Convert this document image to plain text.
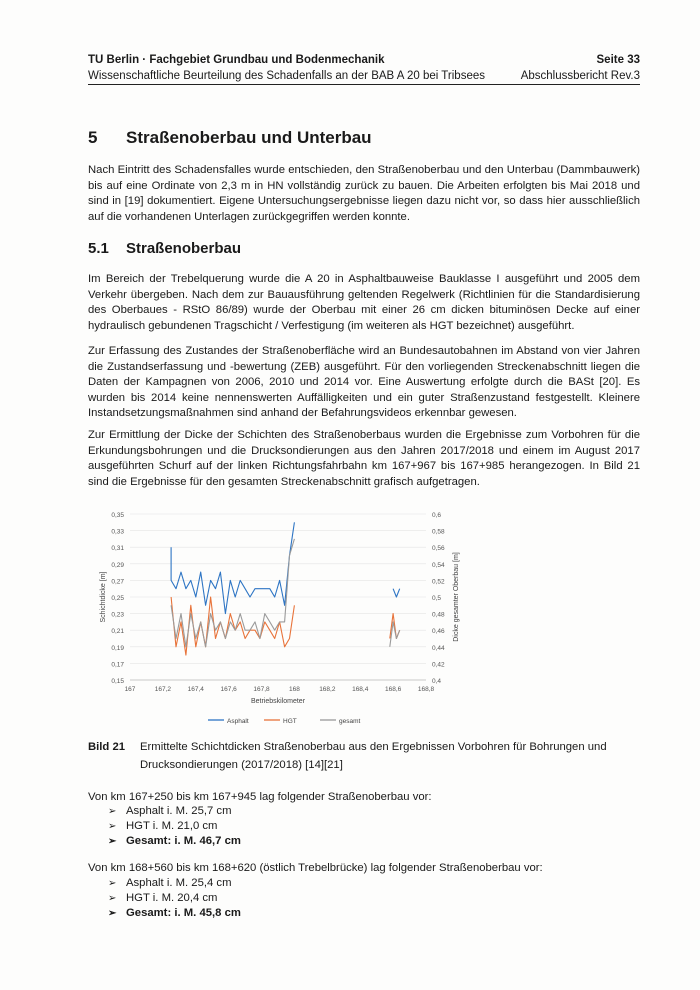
TU Berlin · Fachgebiet Grundbau und Bodenmechanik	Seite 33
Wissenschaftliche Beurteilung des Schadenfalls an der BAB A 20 bei Tribsees	Abschlussbericht Rev.3
5 Straßenoberbau und Unterbau

Nach Eintritt des Schadensfalles wurde entschieden, den Straßenoberbau und den Unterbau (Dammbauwerk) bis auf eine Ordinate von 2,3 m in HN vollständig zurück zu bauen. Die Arbeiten erfolgten bis Mai 2018 und sind in [19] dokumentiert. Eigene Untersuchungsergebnisse liegen dazu nicht vor, so dass hier ausschließlich auf die vorhandenen Unterlagen zurückgegriffen werden konnte.

5.1 Straßenoberbau

Im Bereich der Trebelquerung wurde die A 20 in Asphaltbauweise Bauklasse I ausgeführt und 2005 dem Verkehr übergeben. Nach dem zur Bauausführung geltenden Regelwerk (Richtlinien für die Standardisierung des Oberbaues - RStO 86/89) wurde der Oberbau mit einer 26 cm dicken bituminösen Decke auf einer hydraulisch gebundenen Tragschicht / Verfestigung (im weiteren als HGT bezeichnet) ausgeführt.

Zur Erfassung des Zustandes der Straßenoberfläche wird an Bundesautobahnen im Abstand von vier Jahren die Zustandserfassung und -bewertung (ZEB) ausgeführt. Für den vorliegenden Streckenabschnitt liegen die Daten der Kampagnen von 2006, 2010 und 2014 vor. Eine Auswertung erfolgte durch die BASt [20]. Es wurden bis 2014 keine nennenswerten Auffälligkeiten und ein guter Straßenzustand festgestellt. Kleinere Instandsetzungsmaßnahmen sind anhand der Befahrungsvideos erkennbar gewesen.

Zur Ermittlung der Dicke der Schichten des Straßenoberbaus wurden die Ergebnisse zum Vorbohren für die Erkundungsbohrungen und die Drucksondierungen aus den Jahren 2017/2018 und einem im August 2017 ausgeführten Schurf auf der linken Richtungsfahrbahn km 167+967 bis 167+985 herangezogen. In Bild 21 sind die Ergebnisse für den gesamten Streckenabschnitt grafisch aufgetragen.

0,15	0,4
0,17	0,42
0,19	0,44
0,21	0,46
0,23	0,48
0,25	0,5
0,27	0,52
0,29	0,54
0,31	0,56
0,33	0,58
0,35	0,6
167	167,2	167,4	167,6	167,8	168	168,2	168,4	168,6	168,8
Betriebskilometer
Schichtdicke [m]	Dicke gesamter Oberbau [m]
Asphalt	HGT	gesamt
Bild 21 Ermittelte Schichtdicken Straßenoberbau aus den Ergebnissen Vorbohren für Bohrungen und Drucksondierungen (2017/2018) [14][21]
Von km 167+250 bis km 167+945 lag folgender Straßenoberbau vor:
➢ Asphalt i. M. 25,7 cm
➢ HGT i. M. 21,0 cm
➢ Gesamt: i. M. 46,7 cm
Von km 168+560 bis km 168+620 (östlich Trebelbrücke) lag folgender Straßenoberbau vor:
➢ Asphalt i. M. 25,4 cm
➢ HGT i. M. 20,4 cm
➢ Gesamt: i. M. 45,8 cm
